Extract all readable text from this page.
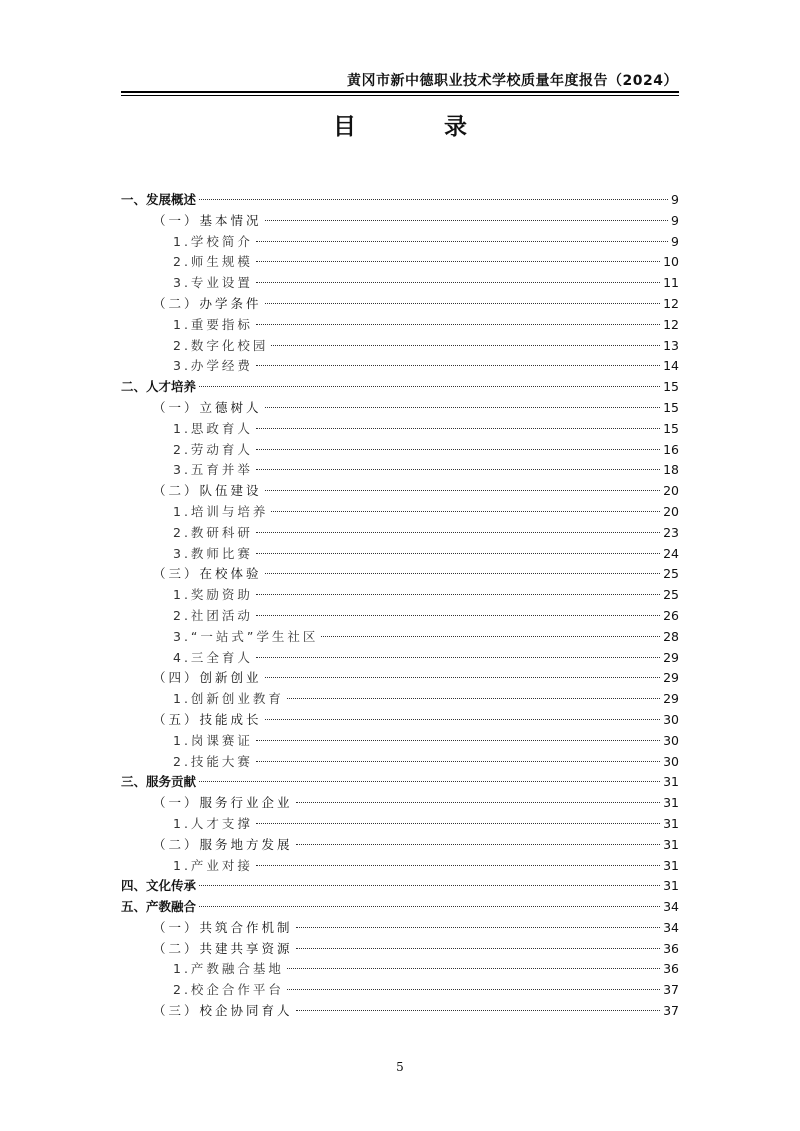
黄冈市新中德职业技术学校质量年度报告（2024）
目 录
一、发展概述	9
（一）基本情况	9
1.学校简介	9
2.师生规模	10
3.专业设置	11
（二）办学条件	12
1.重要指标	12
2.数字化校园	13
3.办学经费	14
二、人才培养	15
（一）立德树人	15
1.思政育人	15
2.劳动育人	16
3.五育并举	18
（二）队伍建设	20
1.培训与培养	20
2.教研科研	23
3.教师比赛	24
（三）在校体验	25
1.奖励资助	25
2.社团活动	26
3.“一站式”学生社区	28
4.三全育人	29
（四）创新创业	29
1.创新创业教育	29
（五）技能成长	30
1.岗课赛证	30
2.技能大赛	30
三、服务贡献	31
（一）服务行业企业	31
1.人才支撑	31
（二）服务地方发展	31
1.产业对接	31
四、文化传承	31
五、产教融合	34
（一）共筑合作机制	34
（二）共建共享资源	36
1.产教融合基地	36
2.校企合作平台	37
（三）校企协同育人	37
5
